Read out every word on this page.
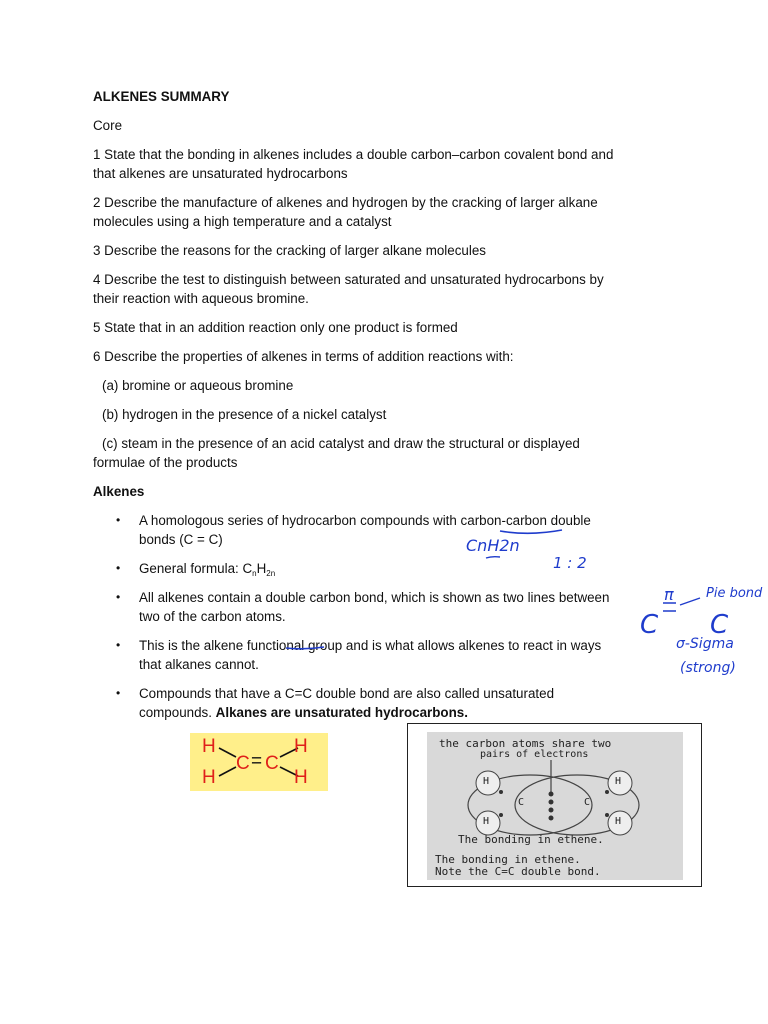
ALKENES SUMMARY
Core
1 State that the bonding in alkenes includes a double carbon–carbon covalent bond and
that alkenes are unsaturated hydrocarbons
2 Describe the manufacture of alkenes and hydrogen by the cracking of larger alkane
molecules using a high temperature and a catalyst
3 Describe the reasons for the cracking of larger alkane molecules
4 Describe the test to distinguish between saturated and unsaturated hydrocarbons by
their reaction with aqueous bromine.
5 State that in an addition reaction only one product is formed
6 Describe the properties of alkenes in terms of addition reactions with:
(a) bromine or aqueous bromine
(b) hydrogen in the presence of a nickel catalyst
(c) steam in the presence of an acid catalyst and draw the structural or displayed
formulae of the products
Alkenes
• A homologous series of hydrocarbon compounds with carbon-carbon double
bonds (C = C)
• General formula: $C_nH_{2n}$
• All alkenes contain a double carbon bond, which is shown as two lines between
two of the carbon atoms.
• This is the alkene functional group and is what allows alkenes to react in ways
that alkanes cannot.
• Compounds that have a C=C double bond are also called unsaturated
compounds. Alkanes are unsaturated hydrocarbons.
CnH2n
1 : 2
Pie bond
π
C C
σ-Sigma
(strong)
H
H
H
H
C = C
the carbon atoms share two
pairs of electrons
H
H
H
H
C	C
The bonding in ethene.
The bonding in ethene.
Note the C=C double bond.
